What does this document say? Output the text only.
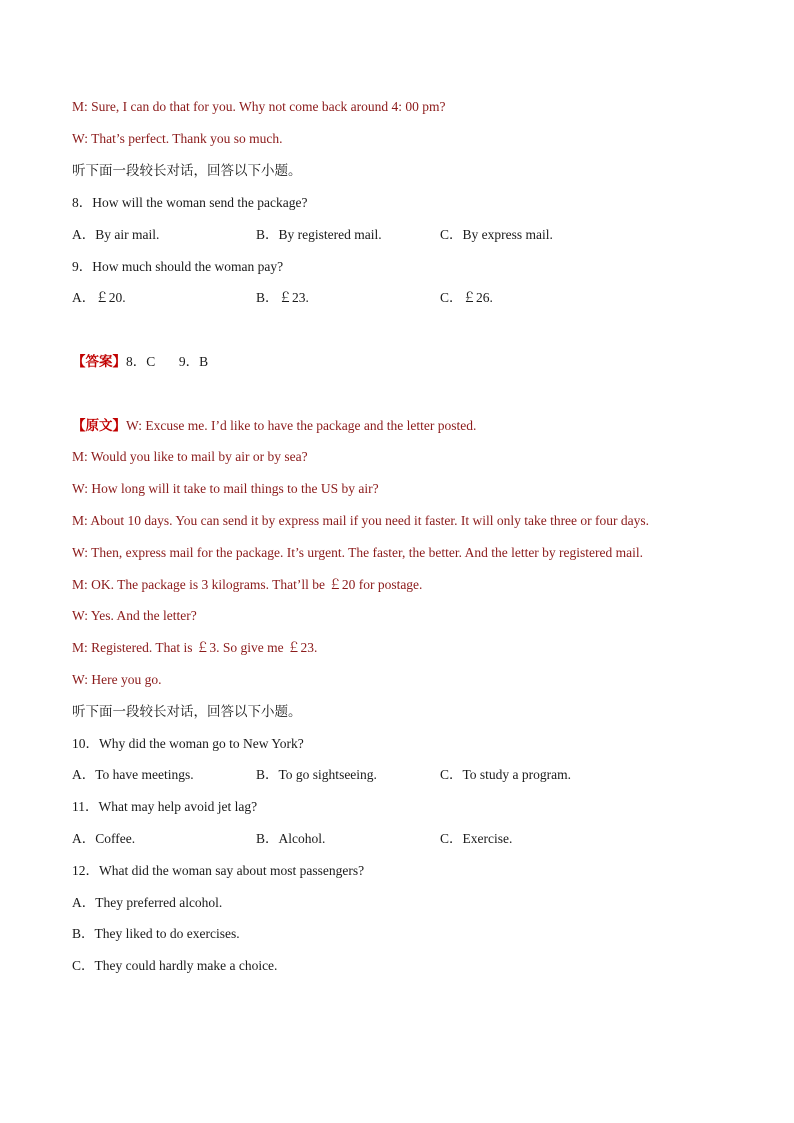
M: Sure, I can do that for you. Why not come back around 4: 00 pm?
W: That’s perfect. Thank you so much.
听下面一段较长对话，回答以下小题。
8．How will the woman send the package?
A．By air mail.	B．By registered mail.	C．By express mail.
9．How much should the woman pay?
A．￡20.	B．￡23.	C．￡26.
【答案】8．C       9．B
【原文】W: Excuse me. I’d like to have the package and the letter posted.
M: Would you like to mail by air or by sea?
W: How long will it take to mail things to the US by air?
M: About 10 days. You can send it by express mail if you need it faster. It will only take three or four days.
W: Then, express mail for the package. It’s urgent. The faster, the better. And the letter by registered mail.
M: OK. The package is 3 kilograms. That’ll be ￡20 for postage.
W: Yes. And the letter?
M: Registered. That is ￡3. So give me ￡23.
W: Here you go.
听下面一段较长对话，回答以下小题。
10．Why did the woman go to New York?
A．To have meetings.	B．To go sightseeing.	C．To study a program.
11．What may help avoid jet lag?
A．Coffee.	B．Alcohol.	C．Exercise.
12．What did the woman say about most passengers?
A．They preferred alcohol.
B．They liked to do exercises.
C．They could hardly make a choice.
